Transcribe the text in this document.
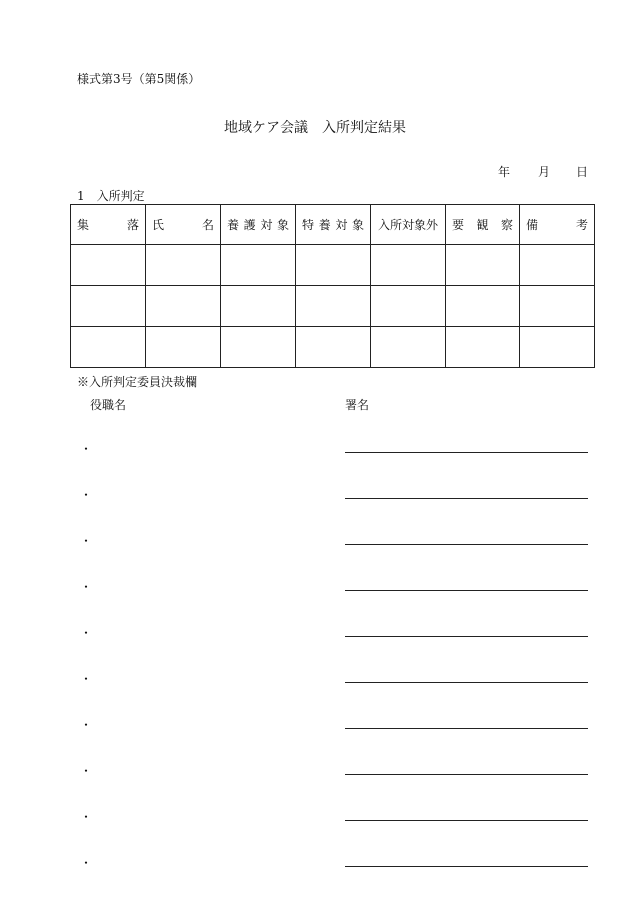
様式第3号（第5関係）
地域ケア会議　入所判定結果
年 月 日
1　入所判定
集 落	氏 名	養 護 対 象	特 養 対 象	入所対象外	要 観 察	備 考

※入所判定委員決裁欄
役職名	署名
・
・
・
・
・
・
・
・
・
・
